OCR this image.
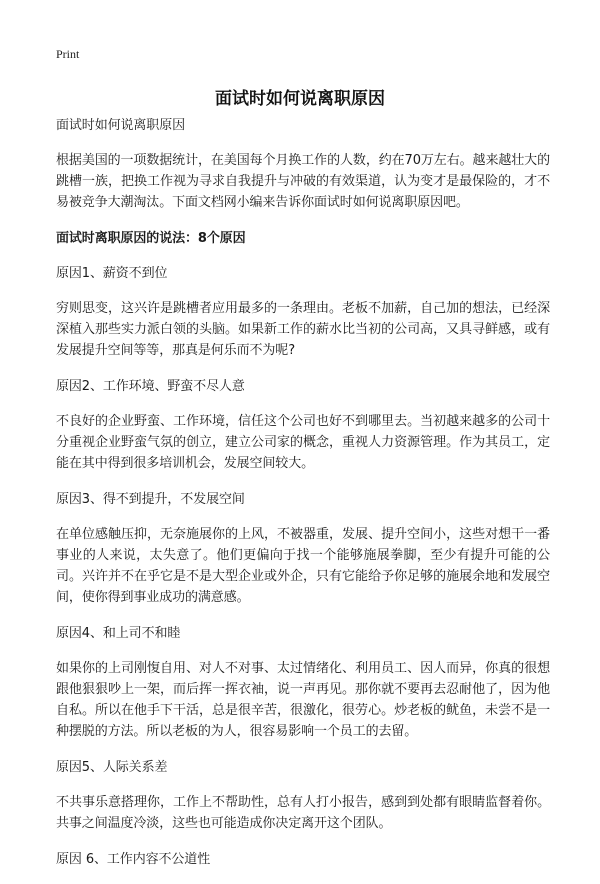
Print
面试时如何说离职原因

面试时如何说离职原因

根据美国的一项数据统计，在美国每个月换工作的人数，约在70万左右。越来越壮大的跳槽一族，把换工作视为寻求自我提升与冲破的有效渠道，认为变才是最保险的，才不易被竞争大潮淘汰。下面文档网小编来告诉你面试时如何说离职原因吧。

面试时离职原因的说法：8个原因

原因1、薪资不到位

穷则思变，这兴许是跳槽者应用最多的一条理由。老板不加薪，自己加的想法，已经深深植入那些实力派白领的头脑。如果新工作的薪水比当初的公司高，又具寻鲜感，或有发展提升空间等等，那真是何乐而不为呢?

原因2、工作环境、野蛮不尽人意

不良好的企业野蛮、工作环境，信任这个公司也好不到哪里去。当初越来越多的公司十分重视企业野蛮气氛的创立，建立公司家的概念，重视人力资源管理。作为其员工，定能在其中得到很多培训机会，发展空间较大。

原因3、得不到提升，不发展空间

在单位感触压抑，无奈施展你的上风，不被器重，发展、提升空间小，这些对想干一番事业的人来说，太失意了。他们更偏向于找一个能够施展拳脚，至少有提升可能的公司。兴许并不在乎它是不是大型企业或外企，只有它能给予你足够的施展余地和发展空间，使你得到事业成功的满意感。

原因4、和上司不和睦

如果你的上司刚愎自用、对人不对事、太过情绪化、利用员工、因人而异，你真的很想跟他狠狠吵上一架，而后挥一挥衣袖，说一声再见。那你就不要再去忍耐他了，因为他自私。所以在他手下干活，总是很辛苦，很激化，很劳心。炒老板的鱿鱼，未尝不是一种摆脱的方法。所以老板的为人，很容易影响一个员工的去留。

原因5、人际关系差

不共事乐意搭理你，工作上不帮助性，总有人打小报告，感到到处都有眼睛监督着你。共事之间温度冷淡，这些也可能造成你决定离开这个团队。

原因 6、工作内容不公道性
